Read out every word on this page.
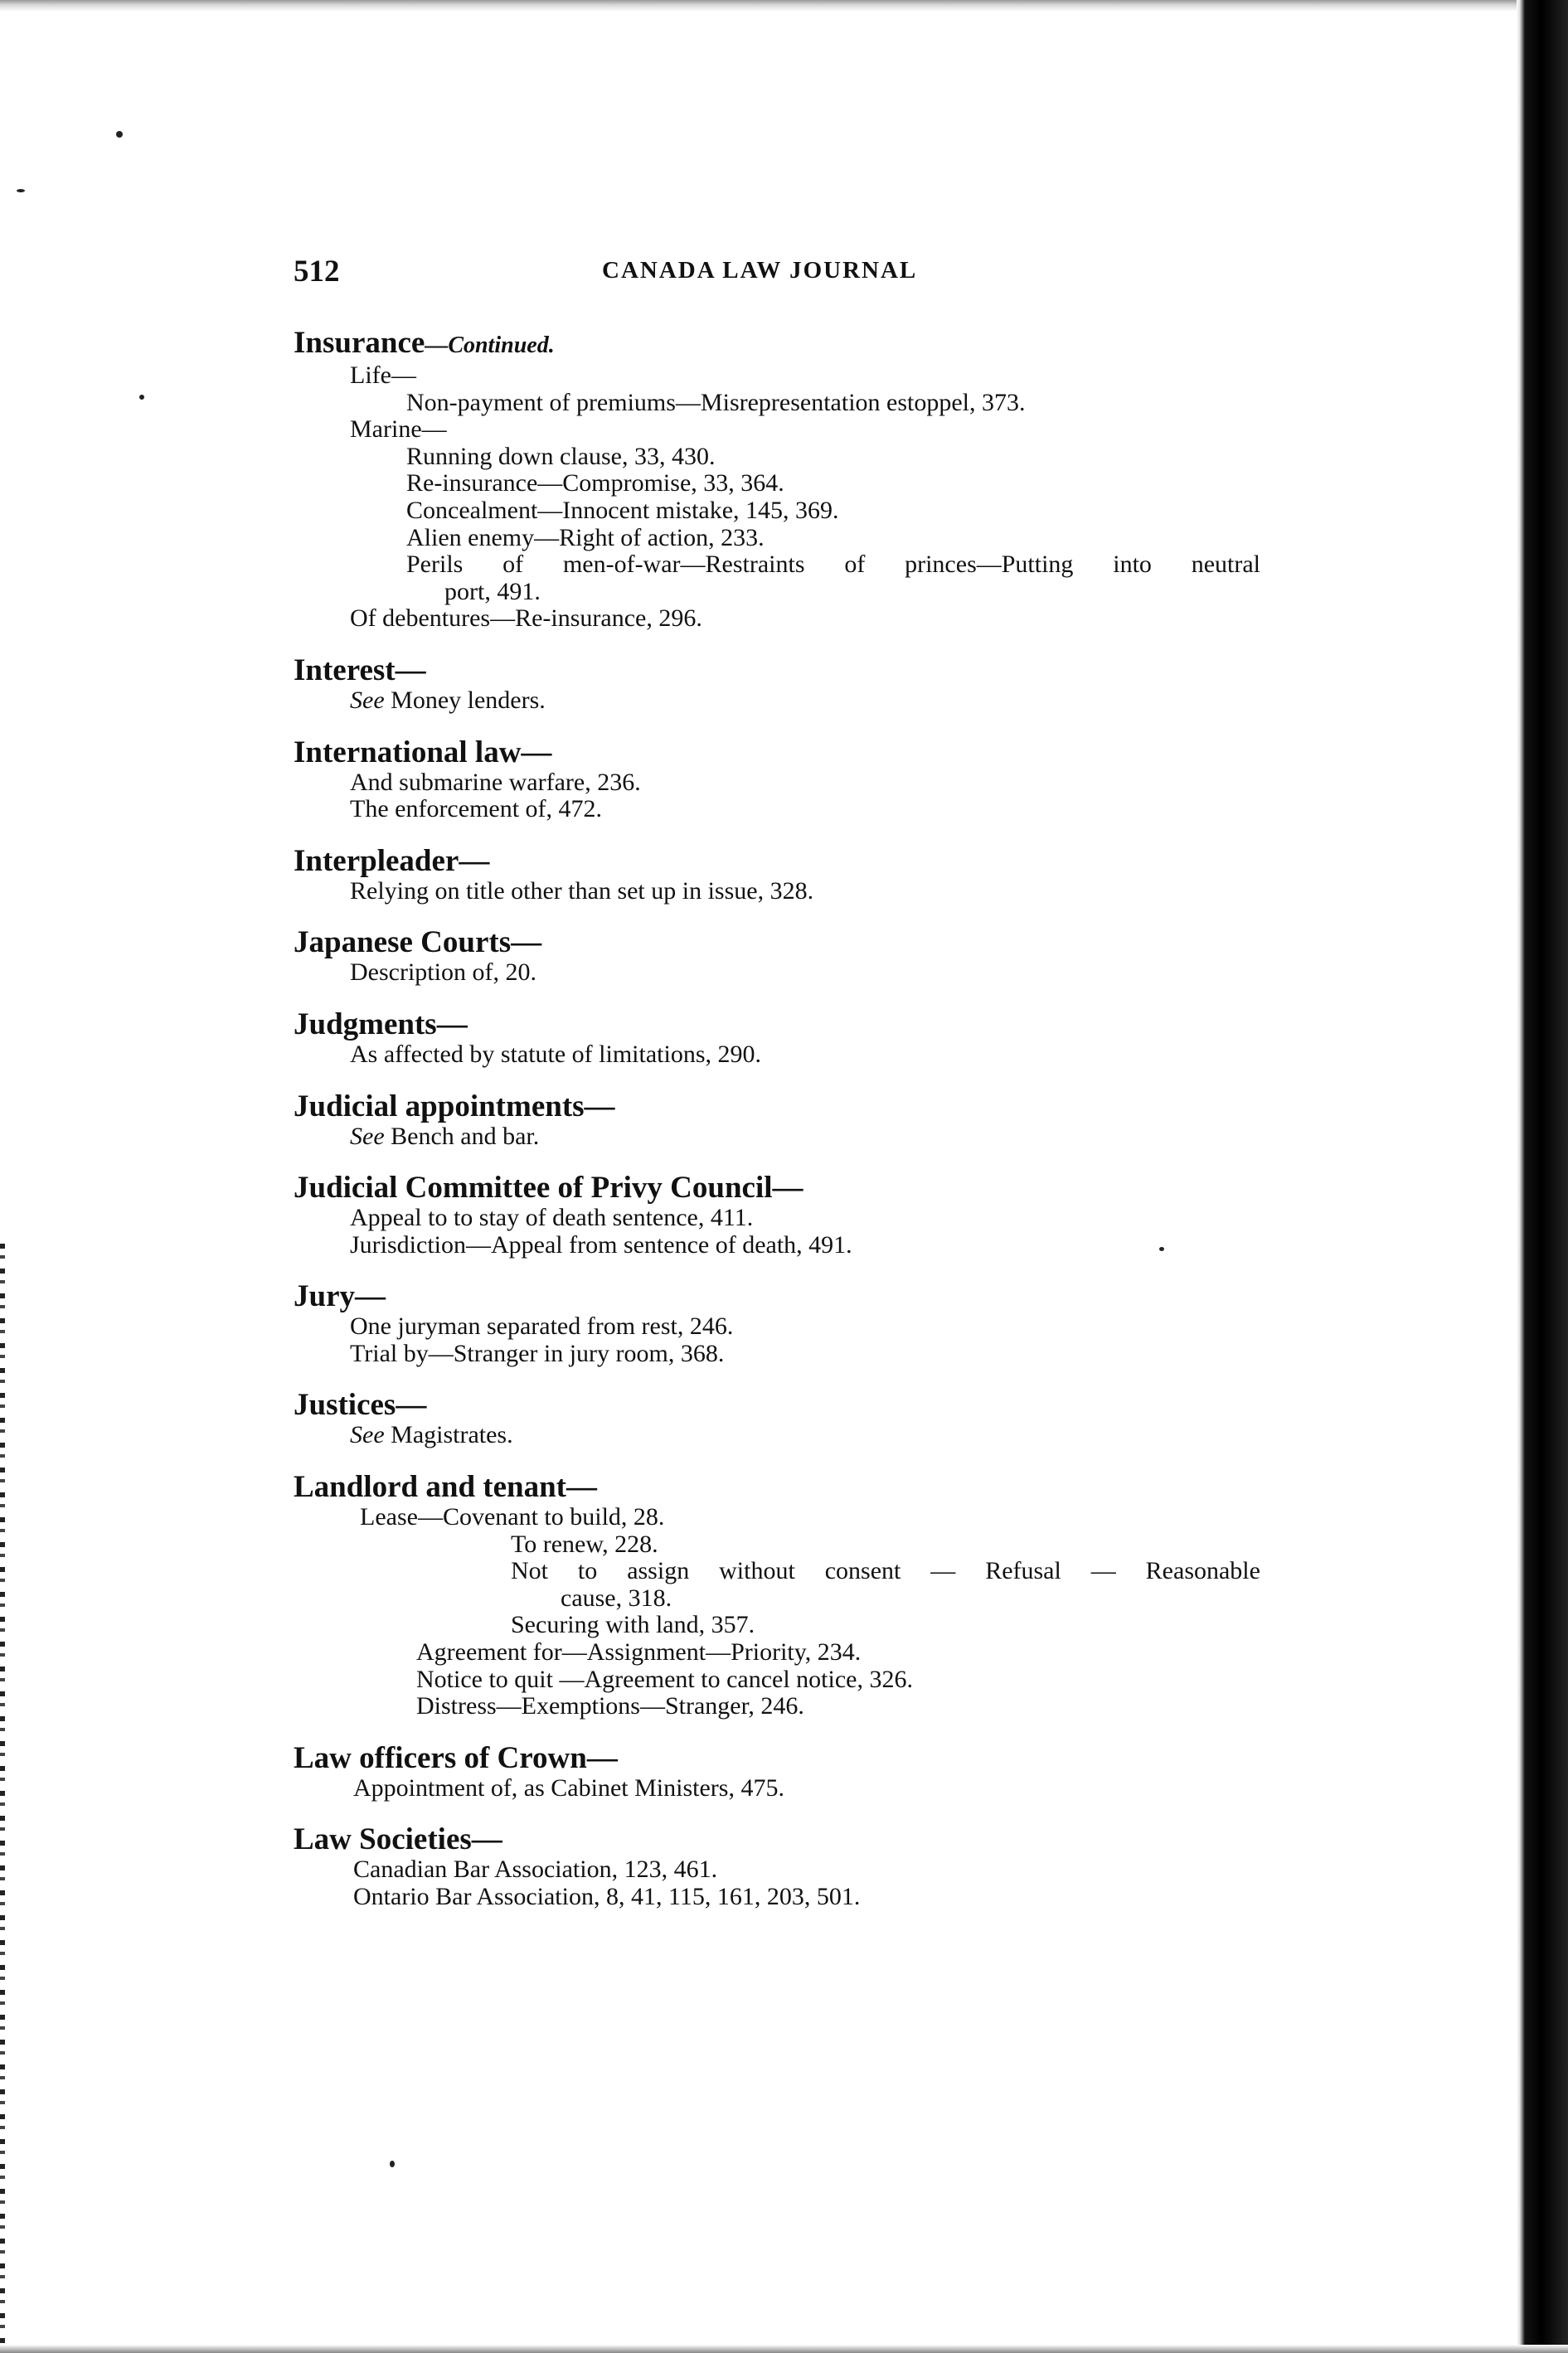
512	CANADA LAW JOURNAL
Insurance—Continued.
Life—
Non-payment of premiums—Misrepresentation estoppel, 373.
Marine—
Running down clause, 33, 430.
Re-insurance—Compromise, 33, 364.
Concealment—Innocent mistake, 145, 369.
Alien enemy—Right of action, 233.
Perils of men-of-war—Restraints of princes—Putting into neutral
port, 491.
Of debentures—Re-insurance, 296.
Interest—
See Money lenders.
International law—
And submarine warfare, 236.
The enforcement of, 472.
Interpleader—
Relying on title other than set up in issue, 328.
Japanese Courts—
Description of, 20.
Judgments—
As affected by statute of limitations, 290.
Judicial appointments—
See Bench and bar.
Judicial Committee of Privy Council—
Appeal to to stay of death sentence, 411.
Jurisdiction—Appeal from sentence of death, 491.
Jury—
One juryman separated from rest, 246.
Trial by—Stranger in jury room, 368.
Justices—
See Magistrates.
Landlord and tenant—
Lease—Covenant to build, 28.
To renew, 228.
Not to assign without consent — Refusal — Reasonable
cause, 318.
Securing with land, 357.
Agreement for—Assignment—Priority, 234.
Notice to quit —Agreement to cancel notice, 326.
Distress—Exemptions—Stranger, 246.
Law officers of Crown—
Appointment of, as Cabinet Ministers, 475.
Law Societies—
Canadian Bar Association, 123, 461.
Ontario Bar Association, 8, 41, 115, 161, 203, 501.
